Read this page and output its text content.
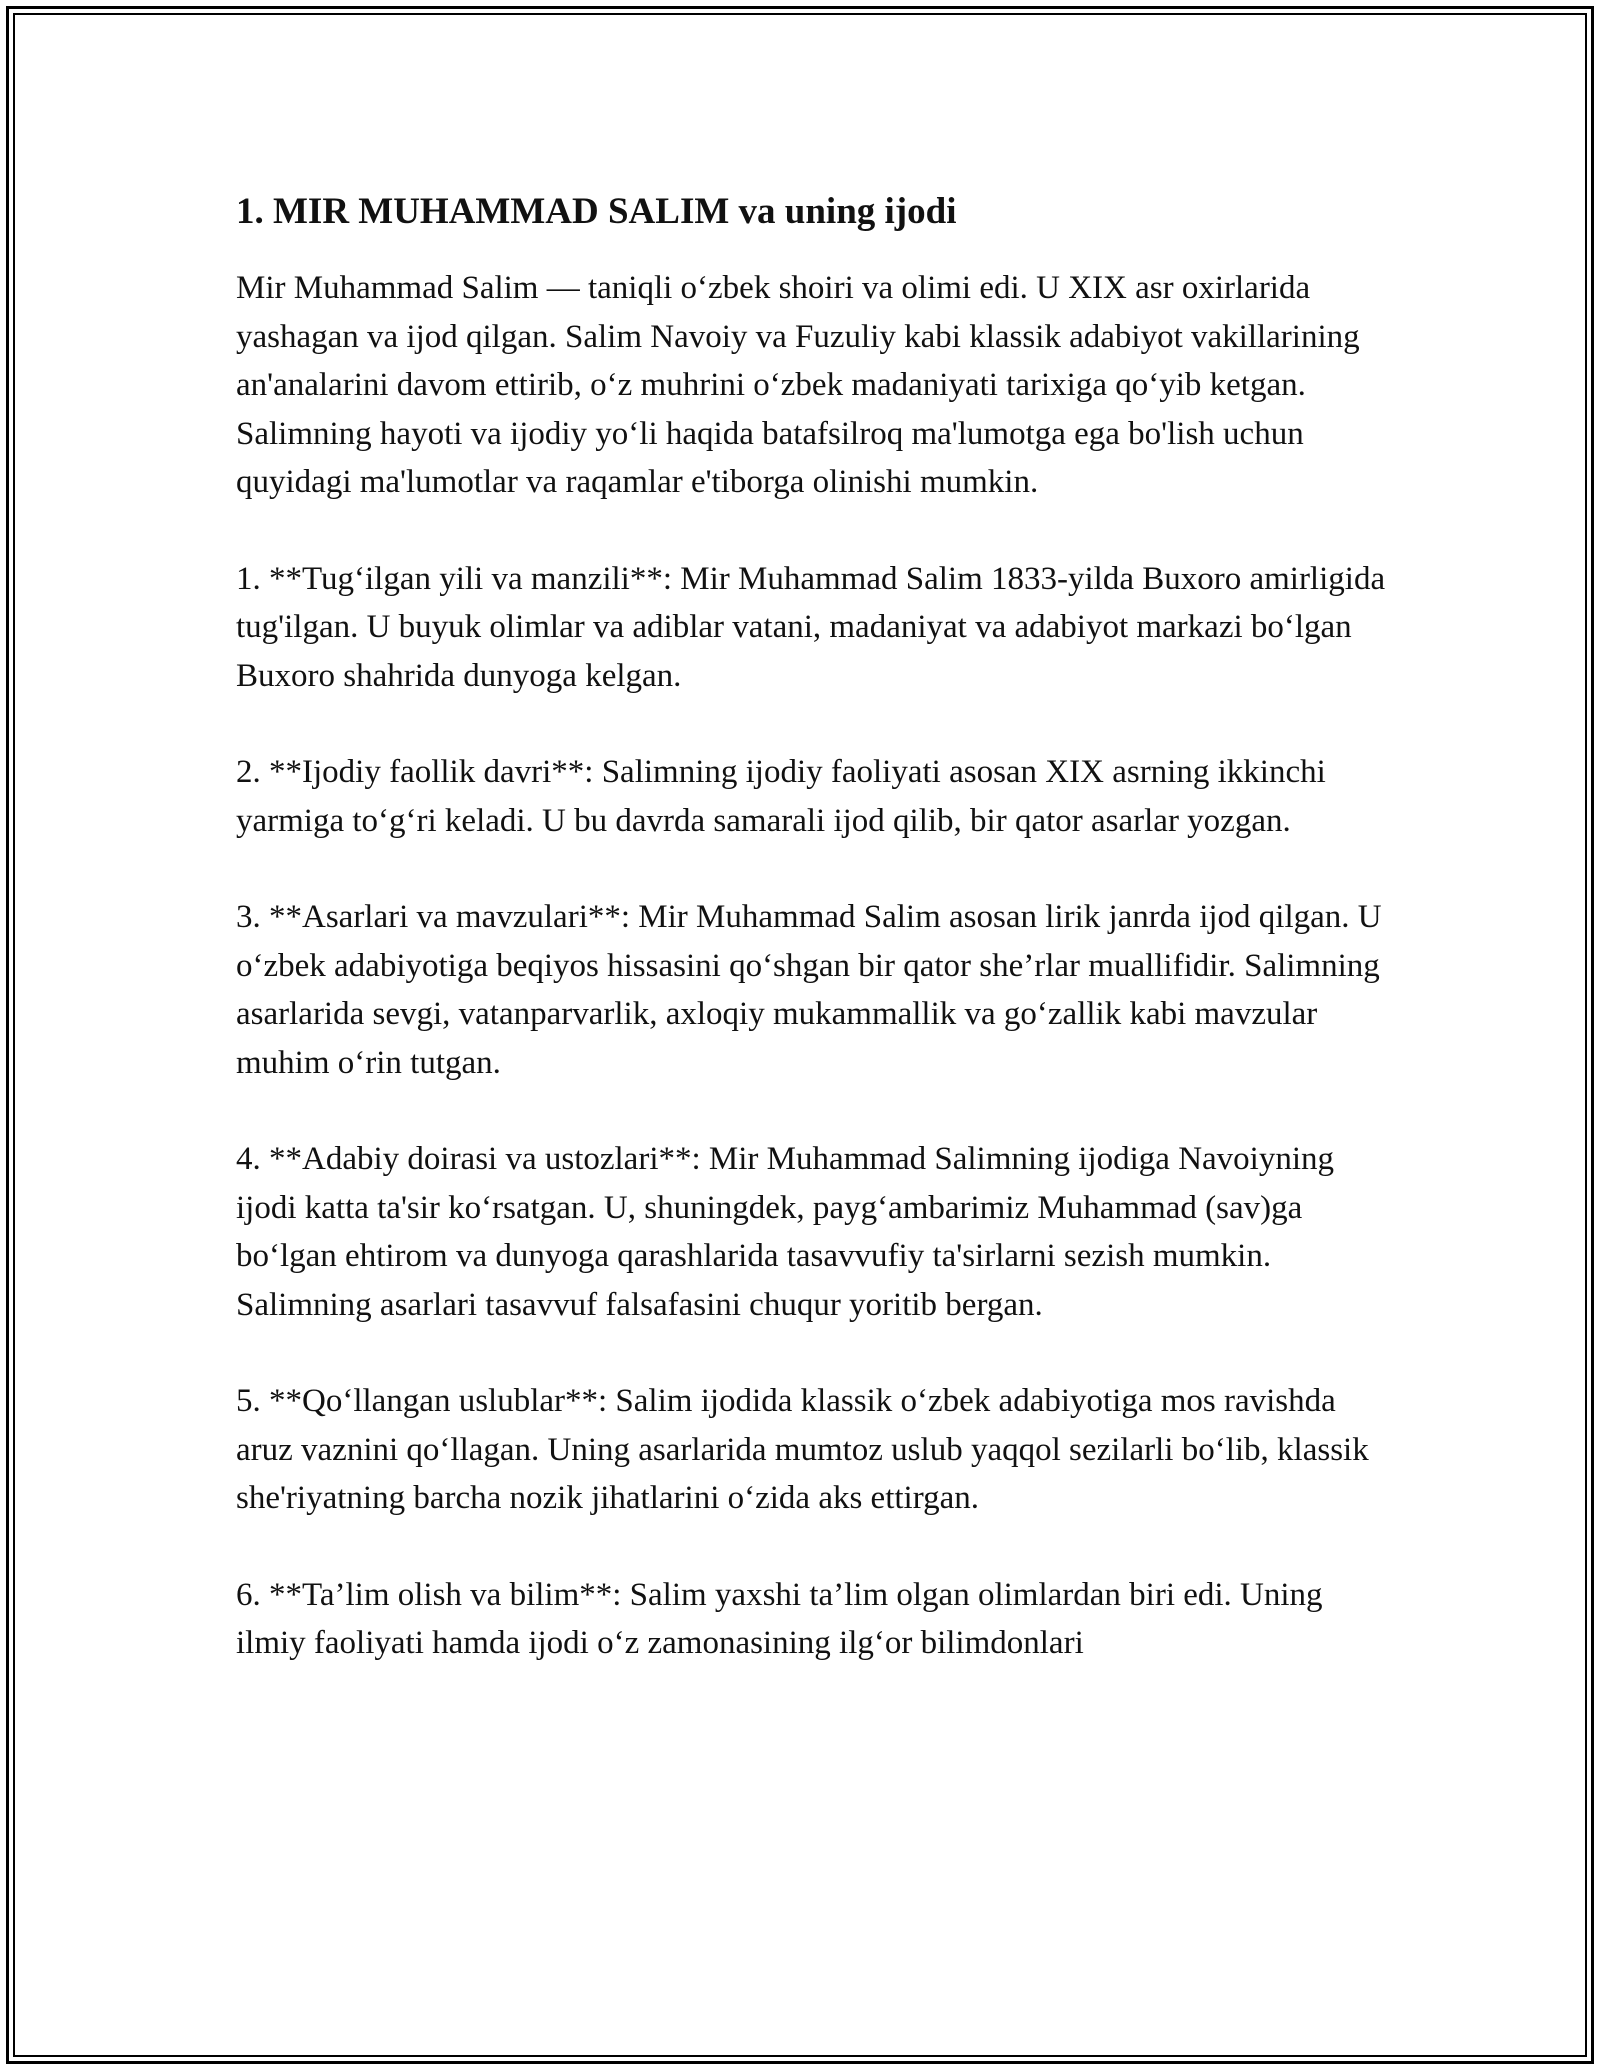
1. MIR MUHAMMAD SALIM va uning ijodi

Mir Muhammad Salim — taniqli o‘zbek shoiri va olimi edi. U XIX asr oxirlarida yashagan va ijod qilgan. Salim Navoiy va Fuzuliy kabi klassik adabiyot vakillarining an'analarini davom ettirib, o‘z muhrini o‘zbek madaniyati tarixiga qo‘yib ketgan. Salimning hayoti va ijodiy yo‘li haqida batafsilroq ma'lumotga ega bo'lish uchun quyidagi ma'lumotlar va raqamlar e'tiborga olinishi mumkin.

1. **Tug‘ilgan yili va manzili**: Mir Muhammad Salim 1833-yilda Buxoro amirligida tug'ilgan. U buyuk olimlar va adiblar vatani, madaniyat va adabiyot markazi bo‘lgan Buxoro shahrida dunyoga kelgan.

2. **Ijodiy faollik davri**: Salimning ijodiy faoliyati asosan XIX asrning ikkinchi yarmiga to‘g‘ri keladi. U bu davrda samarali ijod qilib, bir qator asarlar yozgan.

3. **Asarlari va mavzulari**: Mir Muhammad Salim asosan lirik janrda ijod qilgan. U o‘zbek adabiyotiga beqiyos hissasini qo‘shgan bir qator she’rlar muallifidir. Salimning asarlarida sevgi, vatanparvarlik, axloqiy mukammallik va go‘zallik kabi mavzular muhim o‘rin tutgan.

4. **Adabiy doirasi va ustozlari**: Mir Muhammad Salimning ijodiga Navoiyning ijodi katta ta'sir ko‘rsatgan. U, shuningdek, payg‘ambarimiz Muhammad (sav)ga bo‘lgan ehtirom va dunyoga qarashlarida tasavvufiy ta'sirlarni sezish mumkin. Salimning asarlari tasavvuf falsafasini chuqur yoritib bergan.

5. **Qo‘llangan uslublar**: Salim ijodida klassik o‘zbek adabiyotiga mos ravishda aruz vaznini qo‘llagan. Uning asarlarida mumtoz uslub yaqqol sezilarli bo‘lib, klassik she'riyatning barcha nozik jihatlarini o‘zida aks ettirgan.

6. **Ta’lim olish va bilim**: Salim yaxshi ta’lim olgan olimlardan biri edi. Uning ilmiy faoliyati hamda ijodi o‘z zamonasining ilg‘or bilimdonlari
